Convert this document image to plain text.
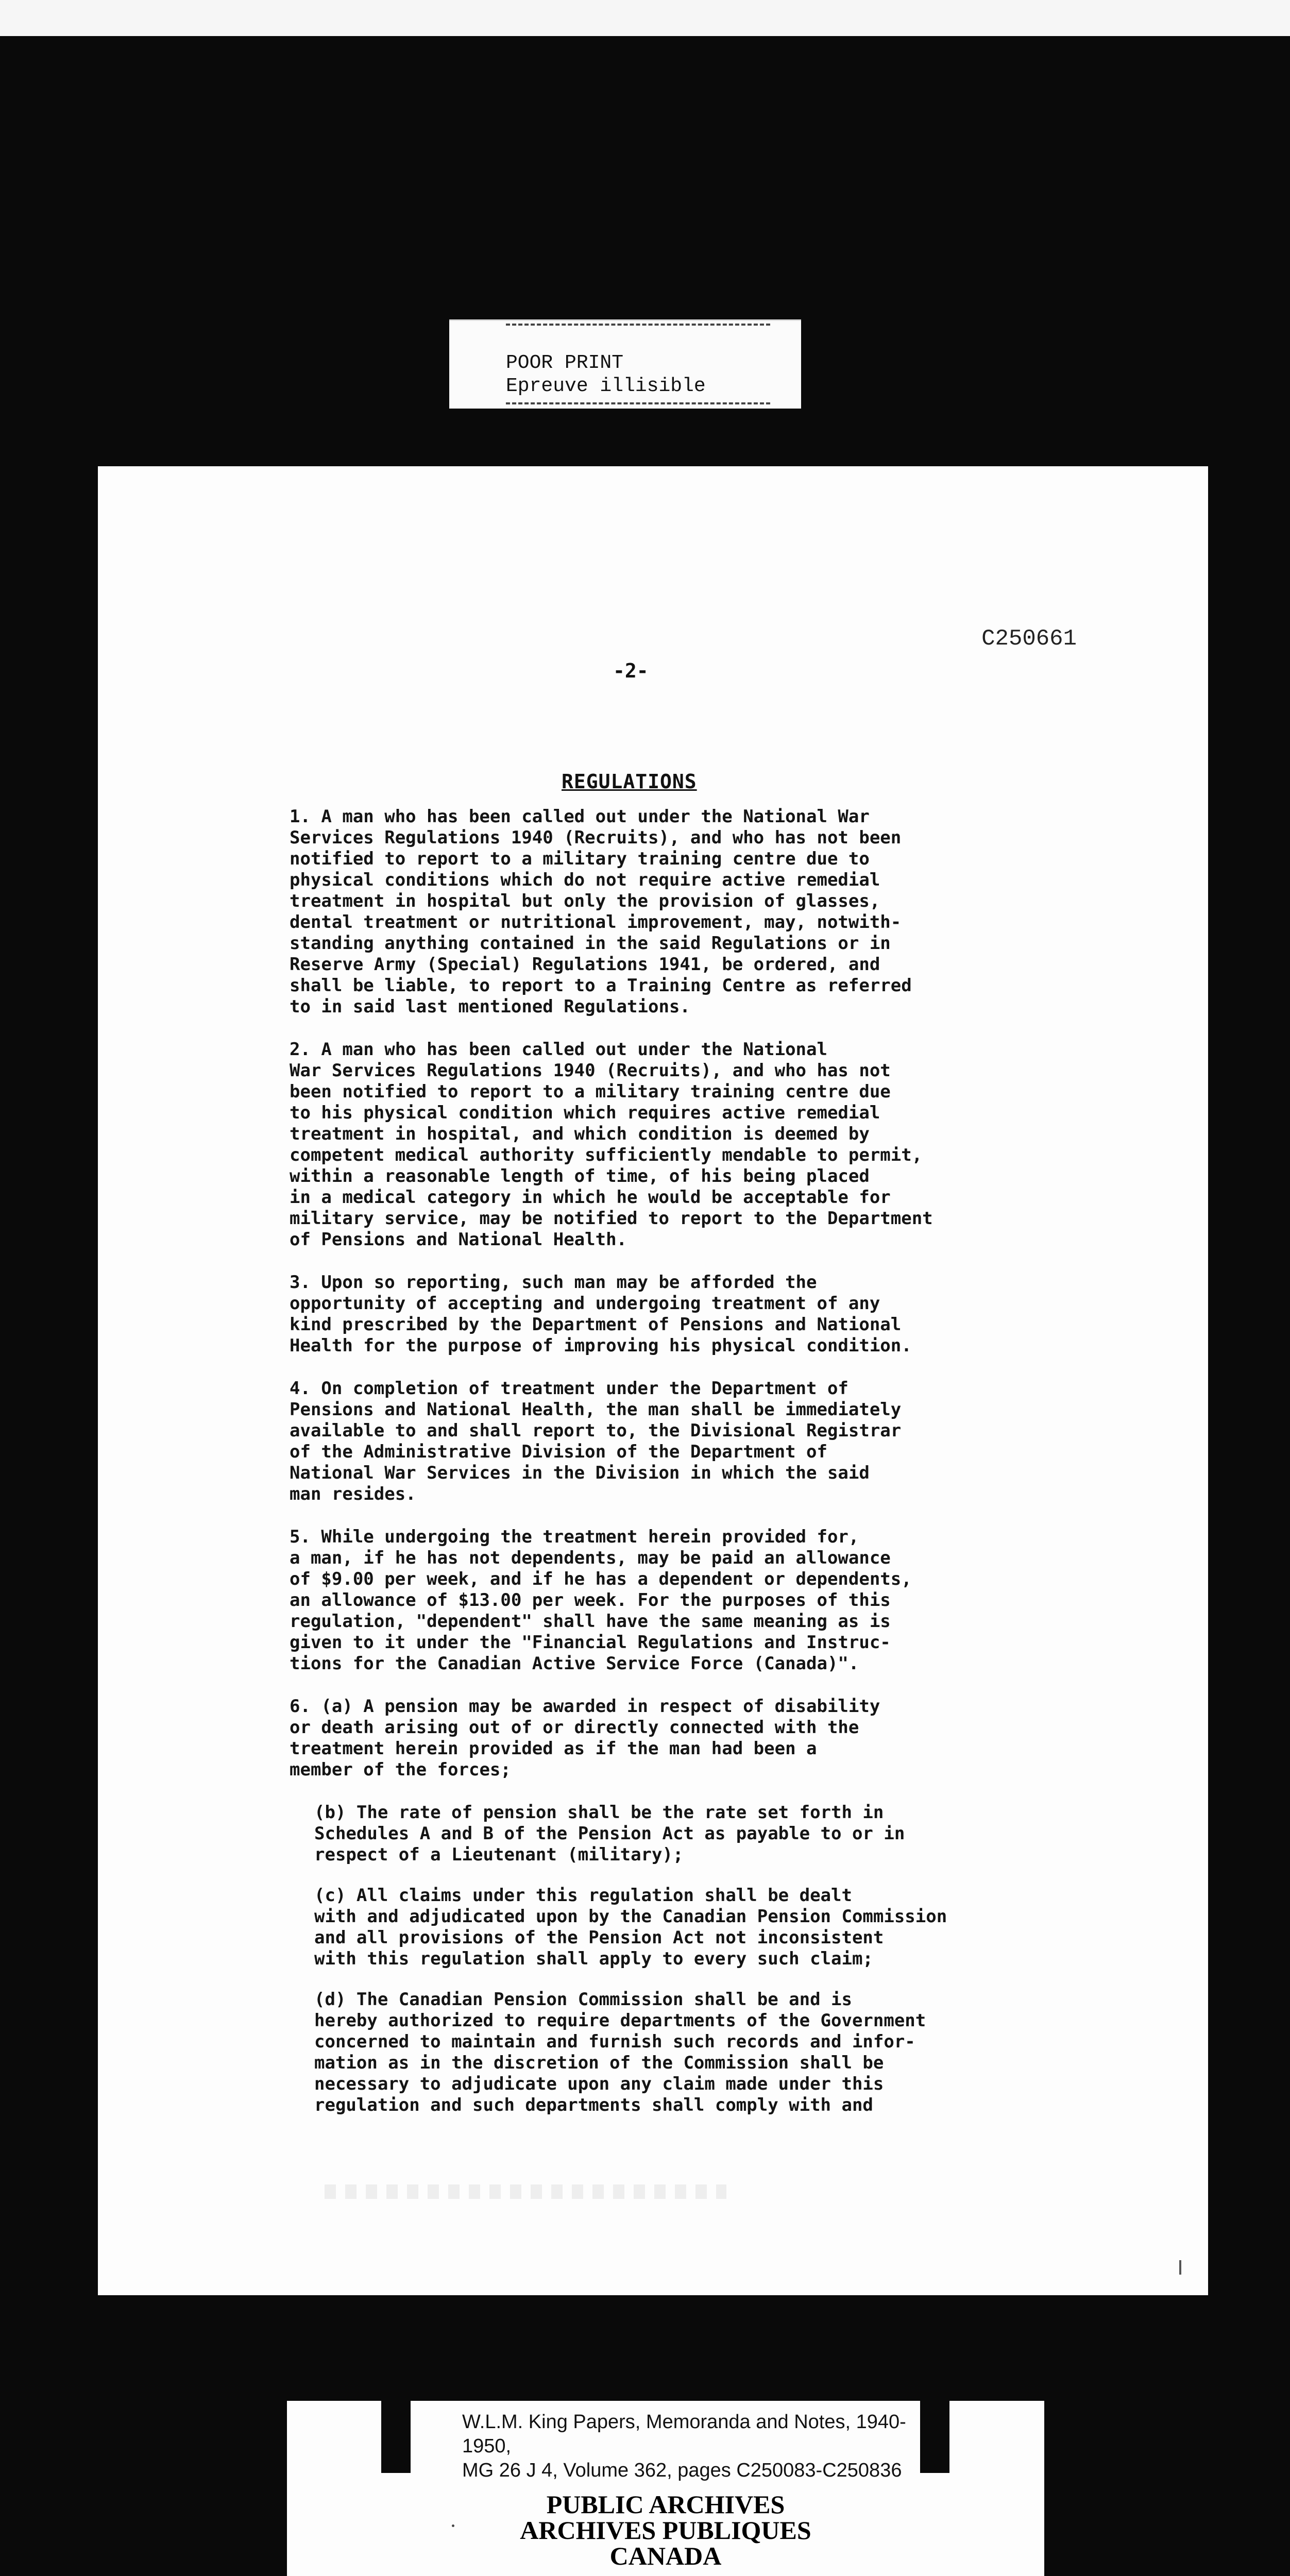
POOR PRINT
Epreuve illisible
C250661
-2-
REGULATIONS

1. A man who has been called out under the National War
Services Regulations 1940 (Recruits), and who has not been
notified to report to a military training centre due to
physical conditions which do not require active remedial
treatment in hospital but only the provision of glasses,
dental treatment or nutritional improvement, may, notwith-
standing anything contained in the said Regulations or in
Reserve Army (Special) Regulations 1941, be ordered, and
shall be liable, to report to a Training Centre as referred
to in said last mentioned Regulations.

2. A man who has been called out under the National
War Services Regulations 1940 (Recruits), and who has not
been notified to report to a military training centre due
to his physical condition which requires active remedial
treatment in hospital, and which condition is deemed by
competent medical authority sufficiently mendable to permit,
within a reasonable length of time, of his being placed
in a medical category in which he would be acceptable for
military service, may be notified to report to the Department
of Pensions and National Health.

3. Upon so reporting, such man may be afforded the
opportunity of accepting and undergoing treatment of any
kind prescribed by the Department of Pensions and National
Health for the purpose of improving his physical condition.

4. On completion of treatment under the Department of
Pensions and National Health, the man shall be immediately
available to and shall report to, the Divisional Registrar
of the Administrative Division of the Department of
National War Services in the Division in which the said
man resides.

5. While undergoing the treatment herein provided for,
a man, if he has not dependents, may be paid an allowance
of $9.00 per week, and if he has a dependent or dependents,
an allowance of $13.00 per week. For the purposes of this
regulation, "dependent" shall have the same meaning as is
given to it under the "Financial Regulations and Instruc-
tions for the Canadian Active Service Force (Canada)".

6. (a) A pension may be awarded in respect of disability
or death arising out of or directly connected with the
treatment herein provided as if the man had been a
member of the forces;

(b) The rate of pension shall be the rate set forth in
Schedules A and B of the Pension Act as payable to or in
respect of a Lieutenant (military);

(c) All claims under this regulation shall be dealt
with and adjudicated upon by the Canadian Pension Commission
and all provisions of the Pension Act not inconsistent
with this regulation shall apply to every such claim;

(d) The Canadian Pension Commission shall be and is
hereby authorized to require departments of the Government
concerned to maintain and furnish such records and infor-
mation as in the discretion of the Commission shall be
necessary to adjudicate upon any claim made under this
regulation and such departments shall comply with and

W.L.M. King Papers, Memoranda and Notes, 1940-1950,
MG 26 J 4, Volume 362, pages C250083-C250836
PUBLIC ARCHIVES
ARCHIVES PUBLIQUES
CANADA
